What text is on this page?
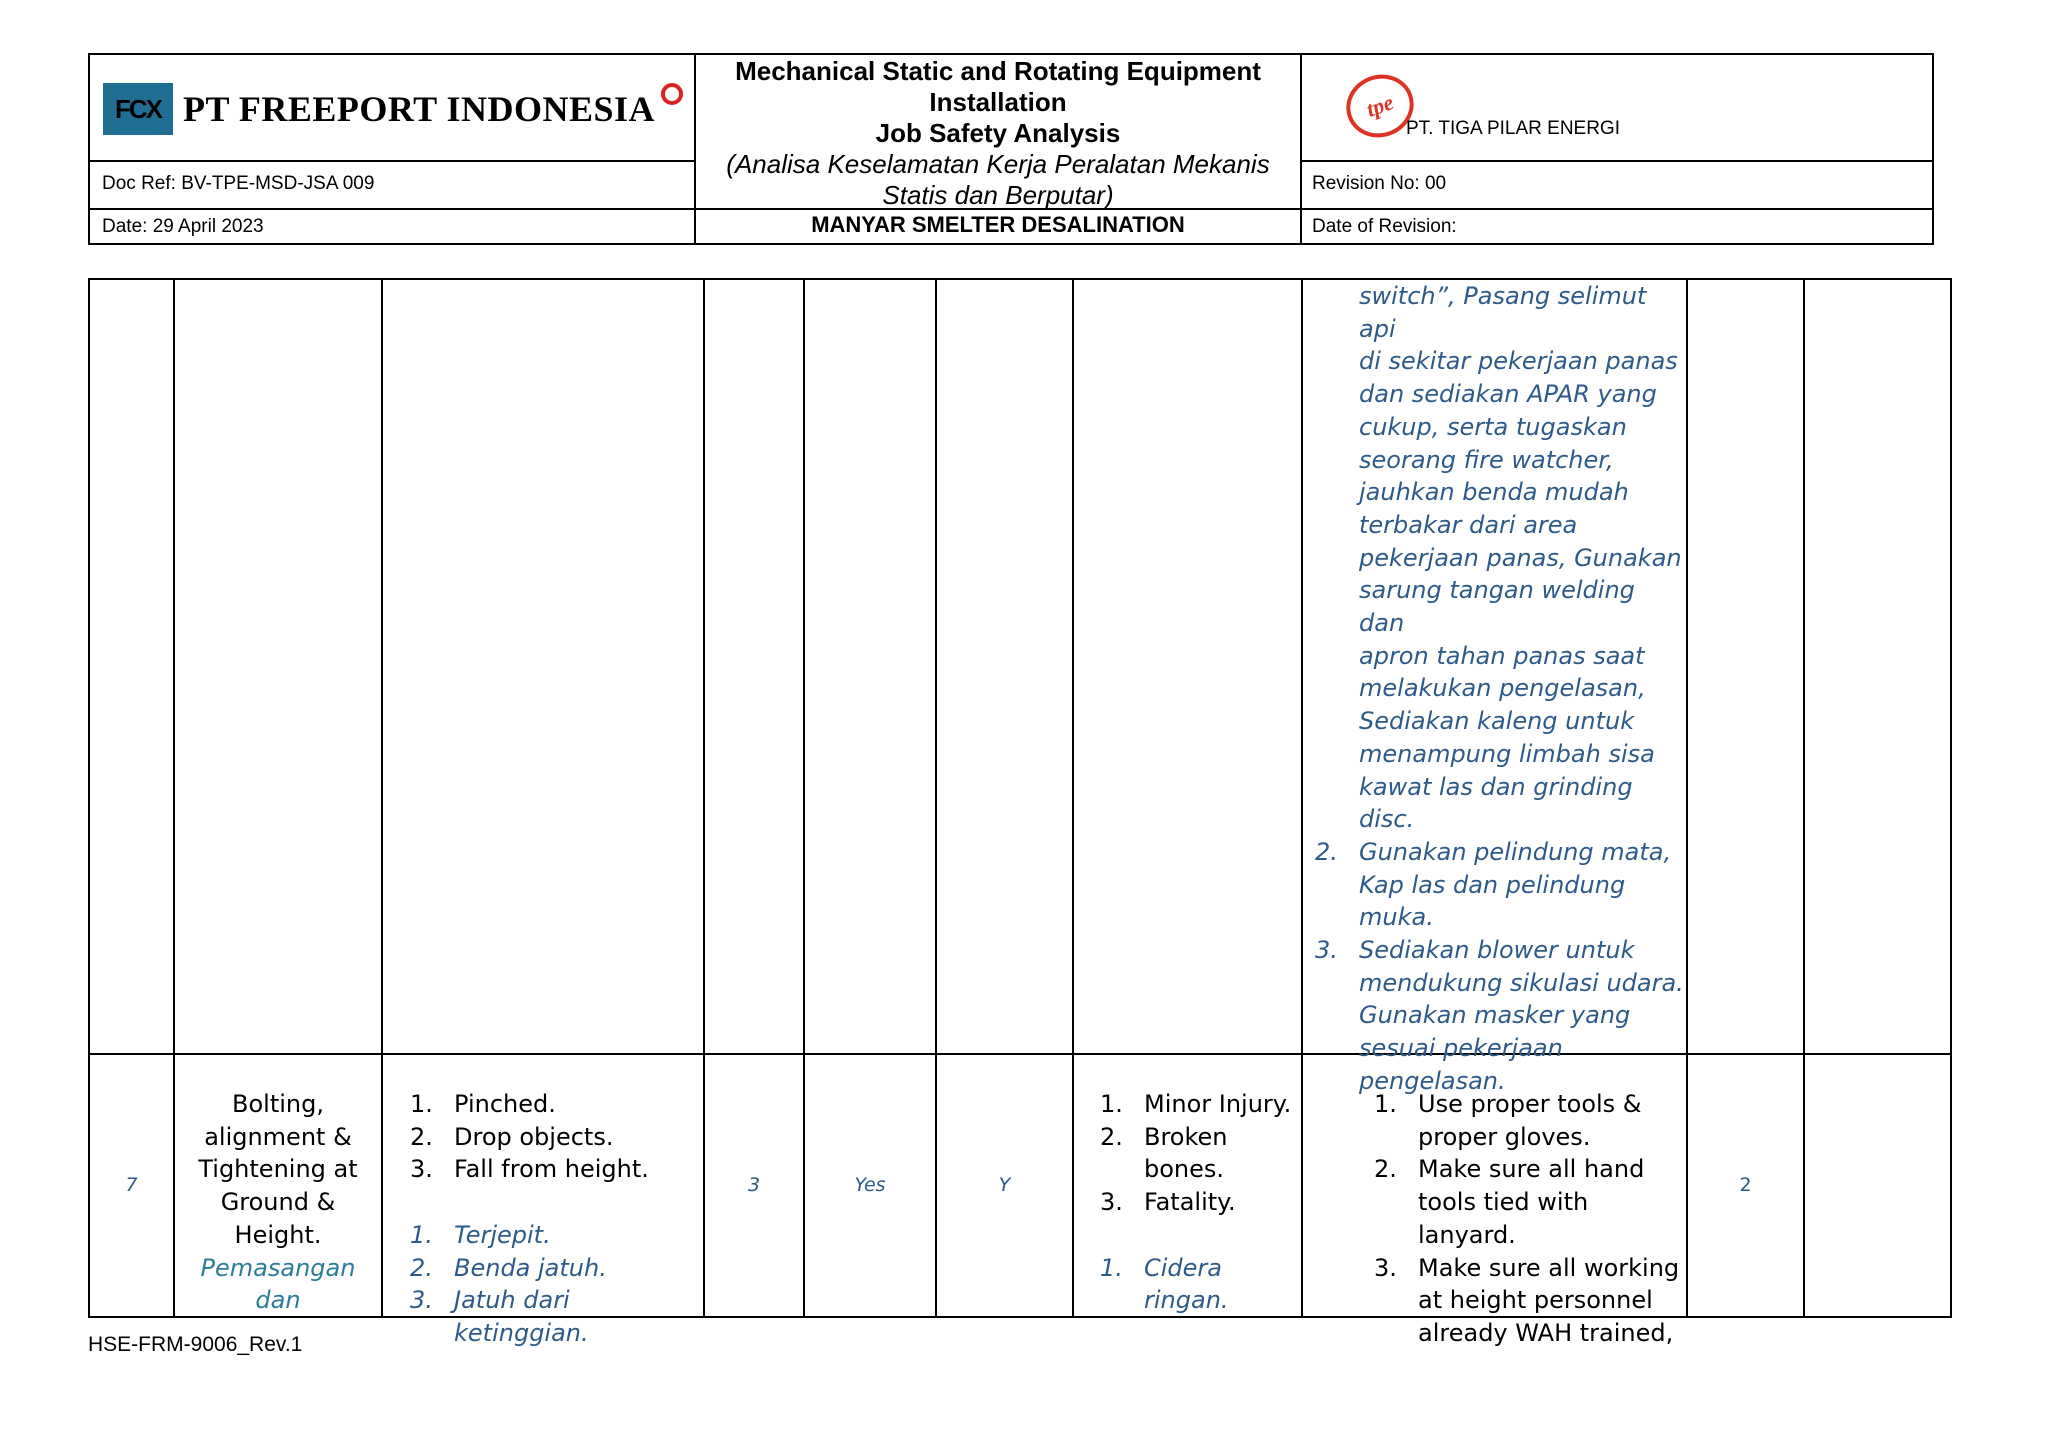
FCX PT FREEPORT INDONESIA
Doc Ref: BV-TPE-MSD-JSA 009
Date: 29 April 2023
Mechanical Static and Rotating Equipment
Installation
Job Safety Analysis
(Analisa Keselamatan Kerja Peralatan Mekanis
Statis dan Berputar)
MANYAR SMELTER DESALINATION
tpe
PT. TIGA PILAR ENERGI
Revision No: 00
Date of Revision:
switch”, Pasang selimut api
di sekitar pekerjaan panas
dan sediakan APAR yang
cukup, serta tugaskan
seorang fire watcher,
jauhkan benda mudah
terbakar dari area
pekerjaan panas, Gunakan
sarung tangan welding dan
apron tahan panas saat
melakukan pengelasan,
Sediakan kaleng untuk
menampung limbah sisa
kawat las dan grinding disc.
2. Gunakan pelindung mata,
Kap las dan pelindung
muka.
3. Sediakan blower untuk
mendukung sikulasi udara.
Gunakan masker yang
sesuai pekerjaan
pengelasan.
7
Bolting,
alignment &
Tightening at
Ground &
Height.
Pemasangan
dan
1. Pinched.
2. Drop objects.
3. Fall from height.
1. Terjepit.
2. Benda jatuh.
3. Jatuh dari ketinggian.
3	Yes	Y
1. Minor Injury.
2. Broken
bones.
3. Fatality.
1. Cidera
ringan.
1. Use proper tools &
proper gloves.
2. Make sure all hand
tools tied with lanyard.
3. Make sure all working
at height personnel
already WAH trained,
2
HSE-FRM-9006_Rev.1
